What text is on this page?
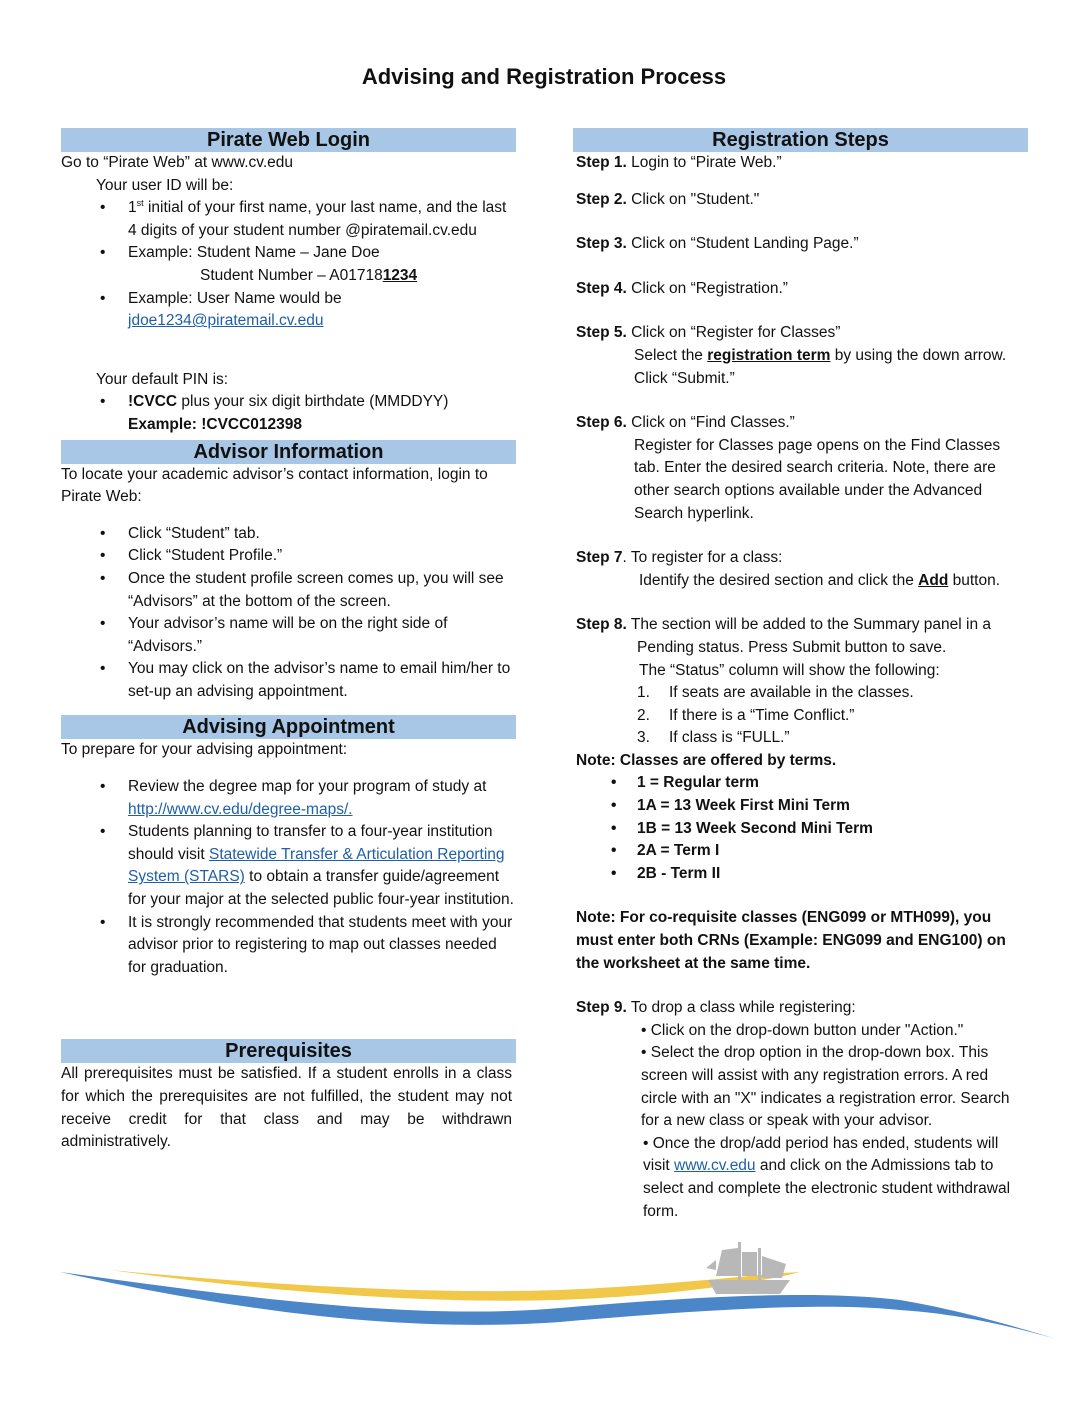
Advising and Registration Process
Pirate Web Login

Go to “Pirate Web” at www.cv.edu

Your user ID will be:

• 1st initial of your first name, your last name, and the last 4 digits of your student number @piratemail.cv.edu
• Example: Student Name – Jane Doe
Student Number – A017181234
• Example: User Name would be
jdoe1234@piratemail.cv.edu

Your default PIN is:

• !CVCC plus your six digit birthdate (MMDDYY)
Example: !CVCC012398
Advisor Information

To locate your academic advisor’s contact information, login to Pirate Web:

• Click “Student” tab.
• Click “Student Profile.”
• Once the student profile screen comes up, you will see “Advisors” at the bottom of the screen.
• Your advisor’s name will be on the right side of “Advisors.”
• You may click on the advisor’s name to email him/her to set-up an advising appointment.
Advising Appointment

To prepare for your advising appointment:

• Review the degree map for your program of study at
http://www.cv.edu/degree-maps/.
• Students planning to transfer to a four-year institution should visit Statewide Transfer & Articulation Reporting System (STARS) to obtain a transfer guide/agreement for your major at the selected public four-year institution.
• It is strongly recommended that students meet with your advisor prior to registering to map out classes needed for graduation.
Prerequisites

All prerequisites must be satisfied. If a student enrolls in a class for which the prerequisites are not fulfilled, the student may not receive credit for that class and may be withdrawn administratively.

Registration Steps

Step 1. Login to “Pirate Web.”

Step 2. Click on "Student."

Step 3. Click on “Student Landing Page.”

Step 4. Click on “Registration.”

Step 5. Click on “Register for Classes”

Select the registration term by using the down arrow.

Click “Submit.”

Step 6. Click on “Find Classes.”

Register for Classes page opens on the Find Classes tab. Enter the desired search criteria. Note, there are other search options available under the Advanced Search hyperlink.

Step 7. To register for a class:

Identify the desired section and click the Add button.

Step 8. The section will be added to the Summary panel in a

Pending status. Press Submit button to save.

The “Status” column will show the following:

1. If seats are available in the classes.
2. If there is a “Time Conflict.”
3. If class is “FULL.”

Note: Classes are offered by terms.

• 1 = Regular term
• 1A = 13 Week First Mini Term
• 1B = 13 Week Second Mini Term
• 2A = Term I
• 2B - Term II

Note: For co-requisite classes (ENG099 or MTH099), you must enter both CRNs (Example: ENG099 and ENG100) on the worksheet at the same time.

Step 9. To drop a class while registering:

• Click on the drop-down button under "Action."

• Select the drop option in the drop-down box. This screen will assist with any registration errors. A red circle with an "X" indicates a registration error. Search for a new class or speak with your advisor.

• Once the drop/add period has ended, students will visit www.cv.edu and click on the Admissions tab to select and complete the electronic student withdrawal form.
